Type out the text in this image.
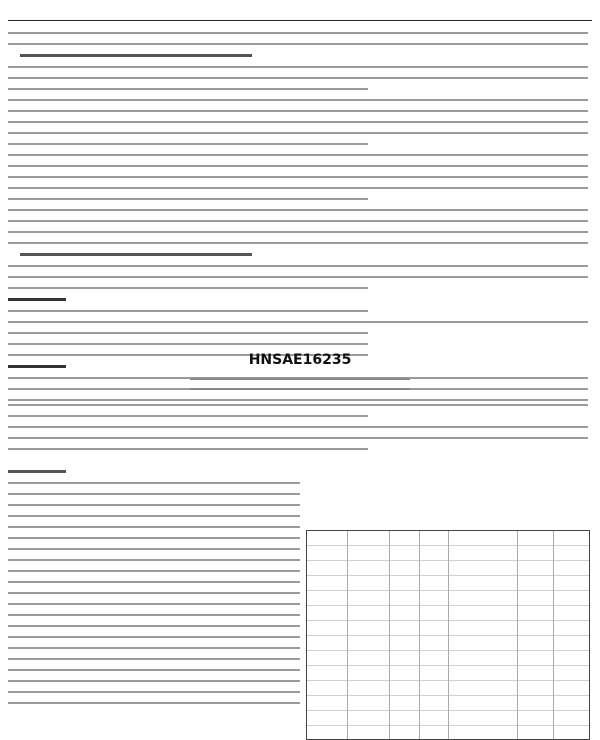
HNSAE16235
